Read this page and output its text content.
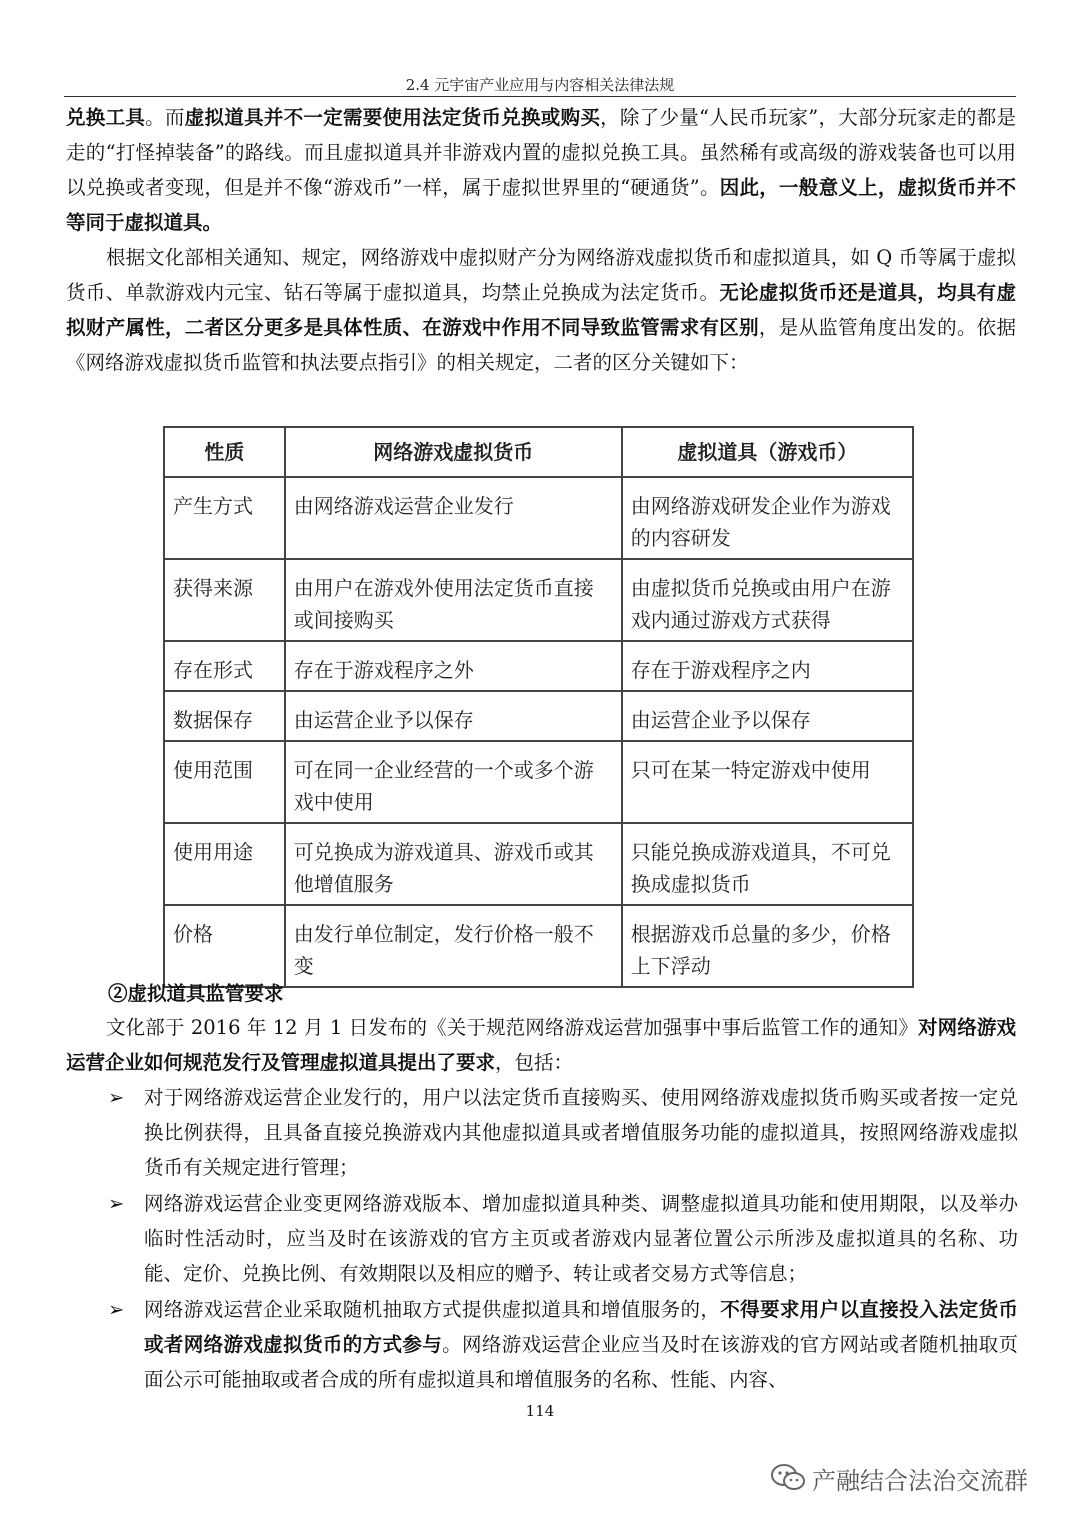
2.4 元宇宙产业应用与内容相关法律法规

兑换工具。而虚拟道具并不一定需要使用法定货币兑换或购买，除了少量“人民币玩家”，大部分玩家走的都是走的“打怪掉装备”的路线。而且虚拟道具并非游戏内置的虚拟兑换工具。虽然稀有或高级的游戏装备也可以用以兑换或者变现，但是并不像“游戏币”一样，属于虚拟世界里的“硬通货”。因此，一般意义上，虚拟货币并不等同于虚拟道具。

根据文化部相关通知、规定，网络游戏中虚拟财产分为网络游戏虚拟货币和虚拟道具，如 Q 币等属于虚拟货币、单款游戏内元宝、钻石等属于虚拟道具，均禁止兑换成为法定货币。无论虚拟货币还是道具，均具有虚拟财产属性，二者区分更多是具体性质、在游戏中作用不同导致监管需求有区别，是从监管角度出发的。依据《网络游戏虚拟货币监管和执法要点指引》的相关规定，二者的区分关键如下：

性质	网络游戏虚拟货币	虚拟道具（游戏币）
产生方式	由网络游戏运营企业发行	由网络游戏研发企业作为游戏的内容研发
获得来源	由用户在游戏外使用法定货币直接或间接购买	由虚拟货币兑换或由用户在游戏内通过游戏方式获得
存在形式	存在于游戏程序之外	存在于游戏程序之内
数据保存	由运营企业予以保存	由运营企业予以保存
使用范围	可在同一企业经营的一个或多个游戏中使用	只可在某一特定游戏中使用
使用用途	可兑换成为游戏道具、游戏币或其他增值服务	只能兑换成游戏道具，不可兑换成虚拟货币
价格	由发行单位制定，发行价格一般不变	根据游戏币总量的多少，价格上下浮动
②虚拟道具监管要求

文化部于 2016 年 12 月 1 日发布的《关于规范网络游戏运营加强事中事后监管工作的通知》对网络游戏运营企业如何规范发行及管理虚拟道具提出了要求，包括：

➢	对于网络游戏运营企业发行的，用户以法定货币直接购买、使用网络游戏虚拟货币购买或者按一定兑换比例获得，且具备直接兑换游戏内其他虚拟道具或者增值服务功能的虚拟道具，按照网络游戏虚拟货币有关规定进行管理；
➢	网络游戏运营企业变更网络游戏版本、增加虚拟道具种类、调整虚拟道具功能和使用期限，以及举办临时性活动时，应当及时在该游戏的官方主页或者游戏内显著位置公示所涉及虚拟道具的名称、功能、定价、兑换比例、有效期限以及相应的赠予、转让或者交易方式等信息；
➢	网络游戏运营企业采取随机抽取方式提供虚拟道具和增值服务的，不得要求用户以直接投入法定货币或者网络游戏虚拟货币的方式参与。网络游戏运营企业应当及时在该游戏的官方网站或者随机抽取页面公示可能抽取或者合成的所有虚拟道具和增值服务的名称、性能、内容、
114
产融结合法治交流群
